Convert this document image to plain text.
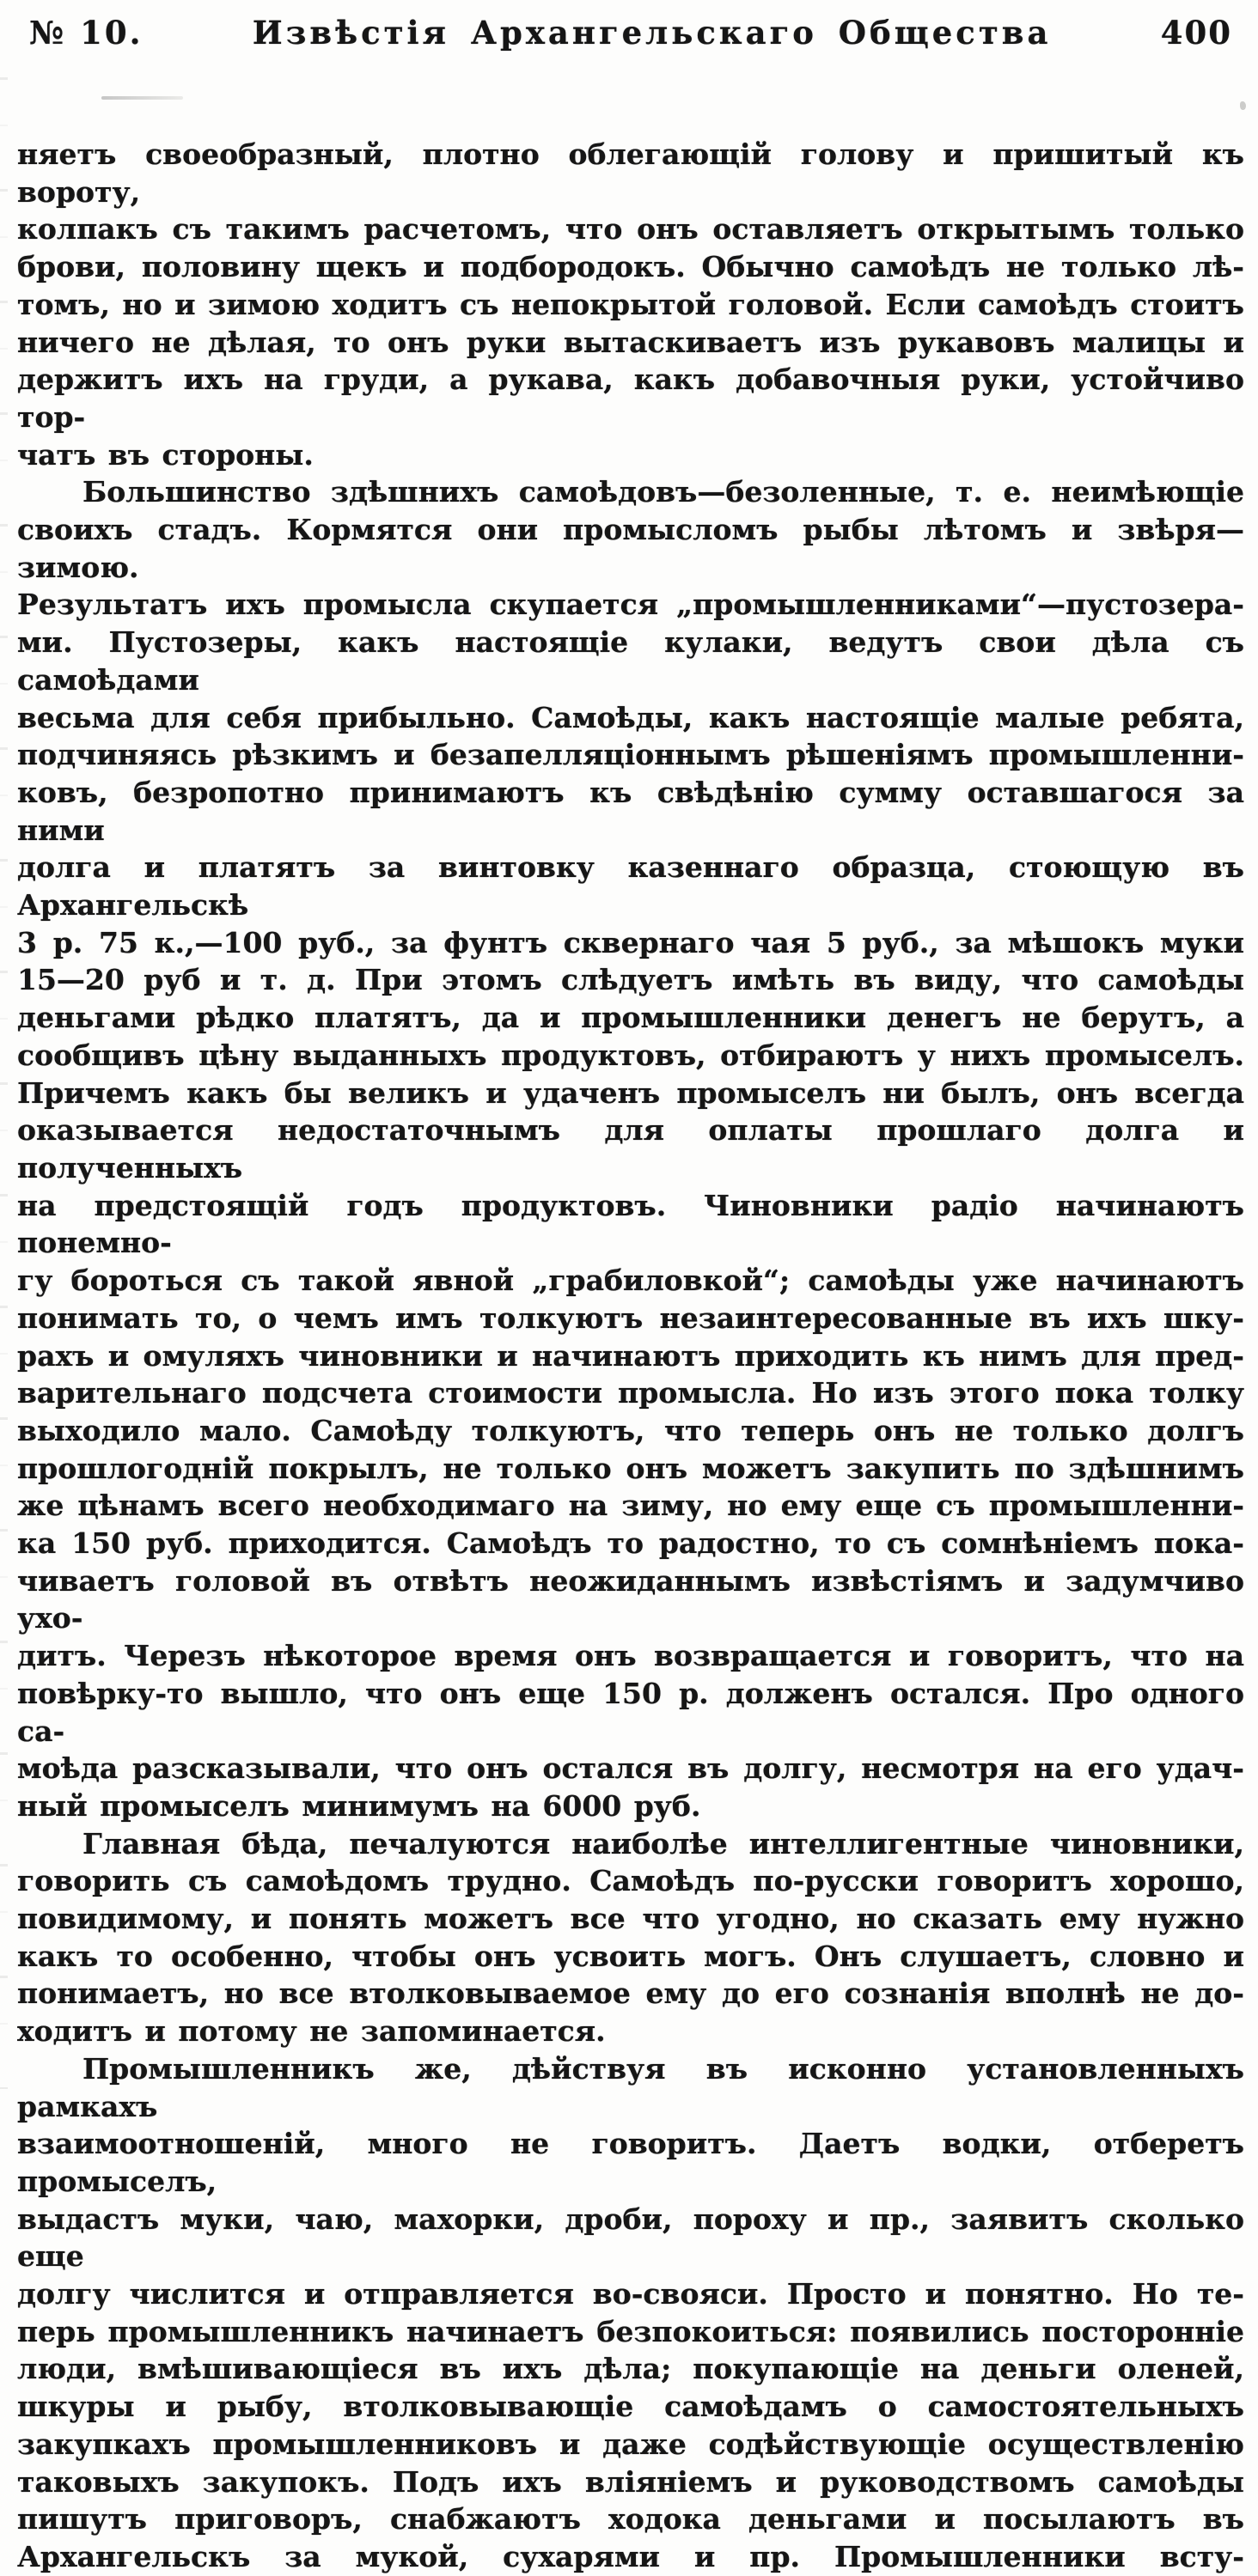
№ 10.	Извѣстія Архангельскаго Общества	400
няетъ своеобразный, плотно облегающій голову и пришитый къ вороту,
колпакъ съ такимъ расчетомъ, что онъ оставляетъ открытымъ только
брови, половину щекъ и подбородокъ. Обычно самоѣдъ не только лѣ-
томъ, но и зимою ходитъ съ непокрытой головой. Если самоѣдъ стоитъ
ничего не дѣлая, то онъ руки вытаскиваетъ изъ рукавовъ малицы и
держитъ ихъ на груди, а рукава, какъ добавочныя руки, устойчиво тор-
чатъ въ стороны.
Большинство здѣшнихъ самоѣдовъ—безоленные, т. е. неимѣющіе
своихъ стадъ. Кормятся они промысломъ рыбы лѣтомъ и звѣря—зимою.
Результатъ ихъ промысла скупается „промышленниками“—пустозера-
ми. Пустозеры, какъ настоящіе кулаки, ведутъ свои дѣла съ самоѣдами
весьма для себя прибыльно. Самоѣды, какъ настоящіе малые ребята,
подчиняясь рѣзкимъ и безапелляціоннымъ рѣшеніямъ промышленни-
ковъ, безропотно принимаютъ къ свѣдѣнію сумму оставшагося за ними
долга и платятъ за винтовку казеннаго образца, стоющую въ Архангельскѣ
3 р. 75 к.,—100 руб., за фунтъ сквернаго чая 5 руб., за мѣшокъ муки
15—20 руб и т. д. При этомъ слѣдуетъ имѣть въ виду, что самоѣды
деньгами рѣдко платятъ, да и промышленники денегъ не берутъ, а
сообщивъ цѣну выданныхъ продуктовъ, отбираютъ у нихъ промыселъ.
Причемъ какъ бы великъ и удаченъ промыселъ ни былъ, онъ всегда
оказывается недостаточнымъ для оплаты прошлаго долга и полученныхъ
на предстоящій годъ продуктовъ. Чиновники радіо начинаютъ понемно-
гу бороться съ такой явной „грабиловкой“; самоѣды уже начинаютъ
понимать то, о чемъ имъ толкуютъ незаинтересованные въ ихъ шку-
рахъ и омуляхъ чиновники и начинаютъ приходить къ нимъ для пред-
варительнаго подсчета стоимости промысла. Но изъ этого пока толку
выходило мало. Самоѣду толкуютъ, что теперь онъ не только долгъ
прошлогодній покрылъ, не только онъ можетъ закупить по здѣшнимъ
же цѣнамъ всего необходимаго на зиму, но ему еще съ промышленни-
ка 150 руб. приходится. Самоѣдъ то радостно, то съ сомнѣніемъ пока-
чиваетъ головой въ отвѣтъ неожиданнымъ извѣстіямъ и задумчиво ухо-
дитъ. Черезъ нѣкоторое время онъ возвращается и говоритъ, что на
повѣрку-то вышло, что онъ еще 150 р. долженъ остался. Про одного са-
моѣда разсказывали, что онъ остался въ долгу, несмотря на его удач-
ный промыселъ минимумъ на 6000 руб.
Главная бѣда, печалуются наиболѣе интеллигентные чиновники,
говорить съ самоѣдомъ трудно. Самоѣдъ по-русски говоритъ хорошо,
повидимому, и понять можетъ все что угодно, но сказать ему нужно
какъ то особенно, чтобы онъ усвоить могъ. Онъ слушаетъ, словно и
понимаетъ, но все втолковываемое ему до его сознанія вполнѣ не до-
ходитъ и потому не запоминается.
Промышленникъ же, дѣйствуя въ исконно установленныхъ рамкахъ
взаимоотношеній, много не говоритъ. Даетъ водки, отберетъ промыселъ,
выдастъ муки, чаю, махорки, дроби, пороху и пр., заявитъ сколько еще
долгу числится и отправляется во-свояси. Просто и понятно. Но те-
перь промышленникъ начинаетъ безпокоиться: появились посторонніе
люди, вмѣшивающіеся въ ихъ дѣла; покупающіе на деньги оленей,
шкуры и рыбу, втолковывающіе самоѣдамъ о самостоятельныхъ
закупкахъ промышленниковъ и даже содѣйствующіе осуществленію
таковыхъ закупокъ. Подъ ихъ вліяніемъ и руководствомъ самоѣды
пишутъ приговоръ, снабжаютъ ходока деньгами и посылаютъ въ
Архангельскъ за мукой, сухарями и пр. Промышленники всту-
